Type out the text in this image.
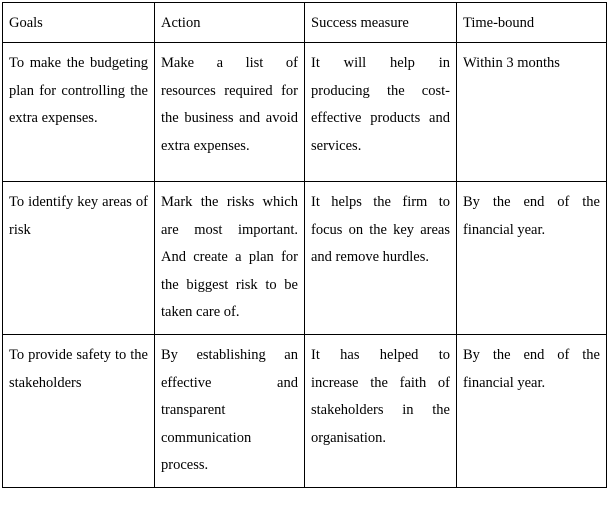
Goals	Action	Success measure	Time-bound
To make the budgeting plan for controlling the extra expenses.	Make a list of resources required for the business and avoid extra expenses.	It will help in producing the cost-effective products and services.	Within 3 months
To identify key areas of risk	Mark the risks which are most important. And create a plan for the biggest risk to be taken care of.	It helps the firm to focus on the key areas and remove hurdles.	By the end of the financial year.
To provide safety to the stakeholders	By establishing an effective and transparent communication process.	It has helped to increase the faith of stakeholders in the organisation.	By the end of the financial year.
